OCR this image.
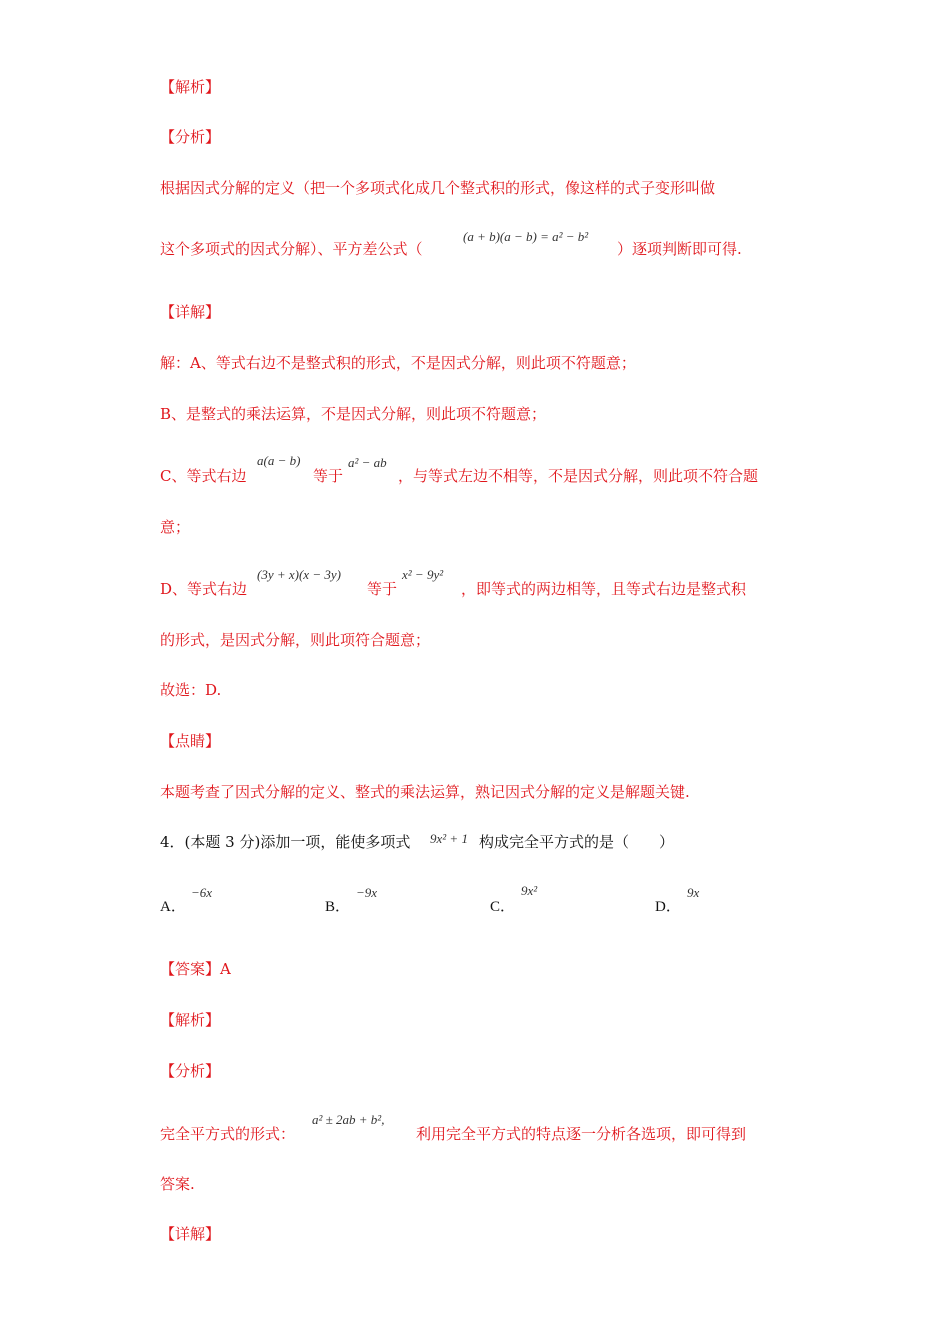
【解析】

【分析】

根据因式分解的定义（把一个多项式化成几个整式积的形式，像这样的式子变形叫做

这个多项式的因式分解）、平方差公式（

(a + b)(a − b) = a² − b²

）逐项判断即可得.

【详解】

解：A、等式右边不是整式积的形式，不是因式分解，则此项不符题意；

B、是整式的乘法运算，不是因式分解，则此项不符题意；

C、等式右边

a(a − b)

等于

a² − ab

，与等式左边不相等，不是因式分解，则此项不符合题

意；

D、等式右边

(3y + x)(x − 3y)

等于

x² − 9y²

，即等式的两边相等，且等式右边是整式积

的形式，是因式分解，则此项符合题意；

故选：D.

【点睛】

本题考查了因式分解的定义、整式的乘法运算，熟记因式分解的定义是解题关键.

4．(本题 3 分)添加一项，能使多项式 9x² + 1 构成完全平方式的是（　　）

A．
−6x
B．
−9x
C．
9x²
D．
9x

【答案】A

【解析】

【分析】

完全平方式的形式：

a² ± 2ab + b²,

利用完全平方式的特点逐一分析各选项，即可得到

答案.

【详解】
